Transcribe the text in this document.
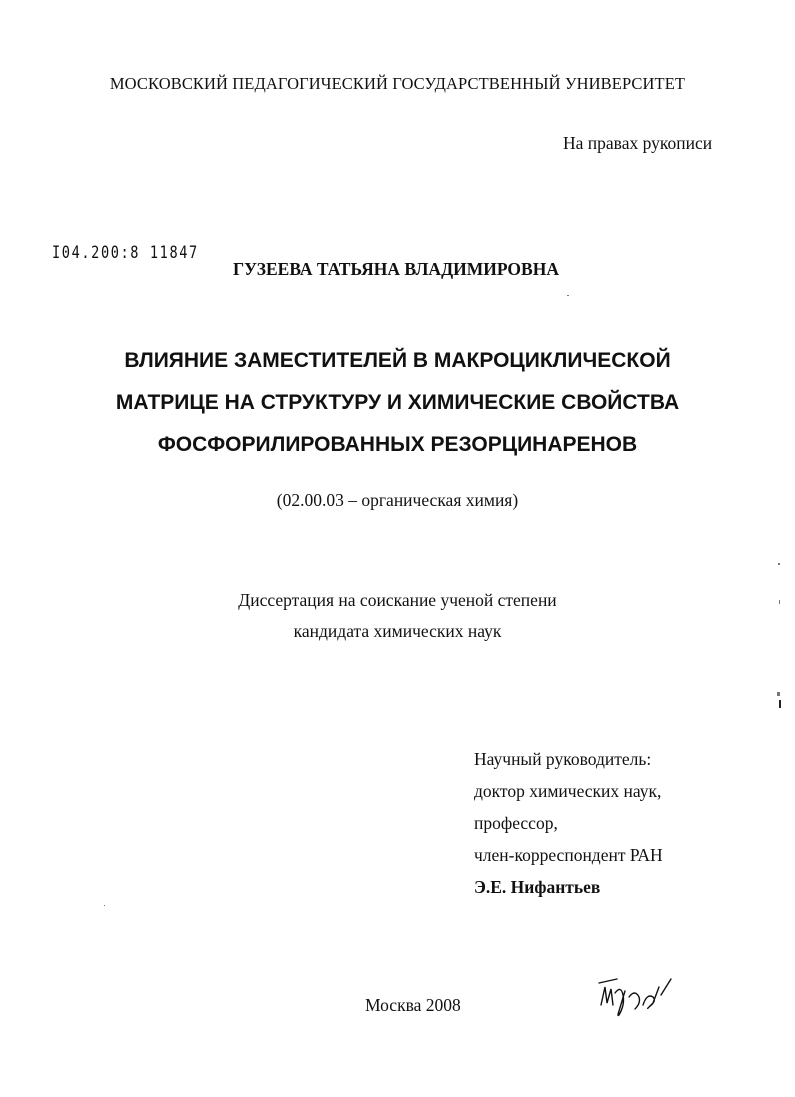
МОСКОВСКИЙ ПЕДАГОГИЧЕСКИЙ ГОСУДАРСТВЕННЫЙ УНИВЕРСИТЕТ
На правах рукописи
I04.200:8 11847
ГУЗЕЕВА ТАТЬЯНА ВЛАДИМИРОВНА
ВЛИЯНИЕ ЗАМЕСТИТЕЛЕЙ В МАКРОЦИКЛИЧЕСКОЙ
МАТРИЦЕ НА СТРУКТУРУ И ХИМИЧЕСКИЕ СВОЙСТВА
ФОСФОРИЛИРОВАННЫХ РЕЗОРЦИНАРЕНОВ
(02.00.03 – органическая химия)
Диссертация на соискание ученой степени
кандидата химических наук
Научный руководитель:
доктор химических наук,
профессор,
член-корреспондент РАН
Э.Е. Нифантьев
Москва 2008
